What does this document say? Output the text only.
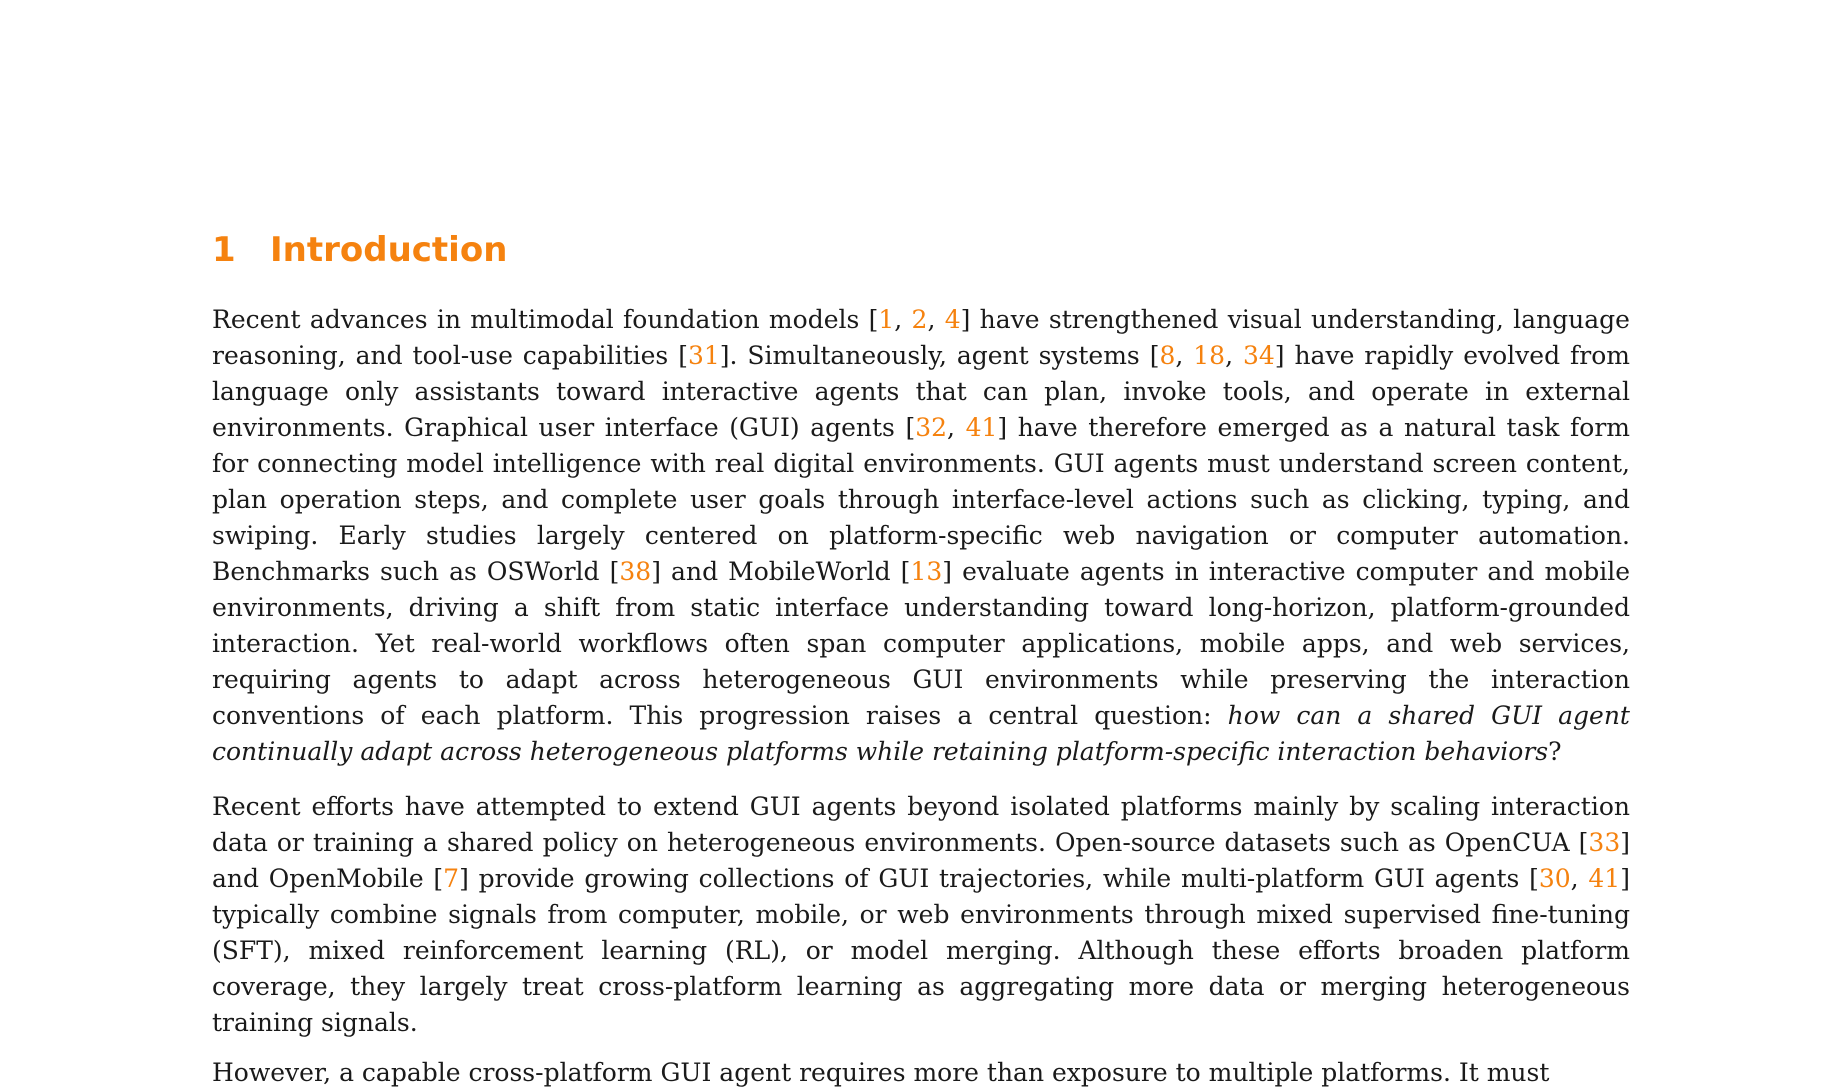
1 Introduction

Recent advances in multimodal foundation models [1, 2, 4] have strengthened visual understanding, language reasoning, and tool-use capabilities [31]. Simultaneously, agent systems [8, 18, 34] have rapidly evolved from language only assistants toward interactive agents that can plan, invoke tools, and operate in external environments. Graphical user interface (GUI) agents [32, 41] have therefore emerged as a natural task form for connecting model intelligence with real digital environments. GUI agents must understand screen content, plan operation steps, and complete user goals through interface-level actions such as clicking, typing, and swiping. Early studies largely centered on platform-specific web navigation or computer automation. Benchmarks such as OSWorld [38] and MobileWorld [13] evaluate agents in interactive computer and mobile environments, driving a shift from static interface understanding toward long-horizon, platform-grounded interaction. Yet real-world workflows often span computer applications, mobile apps, and web services, requiring agents to adapt across heterogeneous GUI environments while preserving the interaction conventions of each platform. This progression raises a central question: how can a shared GUI agent continually adapt across heterogeneous platforms while retaining platform-specific interaction behaviors?

Recent efforts have attempted to extend GUI agents beyond isolated platforms mainly by scaling interaction data or training a shared policy on heterogeneous environments. Open-source datasets such as OpenCUA [33] and OpenMobile [7] provide growing collections of GUI trajectories, while multi-platform GUI agents [30, 41] typically combine signals from computer, mobile, or web environments through mixed supervised fine-tuning (SFT), mixed reinforcement learning (RL), or model merging. Although these efforts broaden platform coverage, they largely treat cross-platform learning as aggregating more data or merging heterogeneous training signals.

However, a capable cross-platform GUI agent requires more than exposure to multiple platforms. It must
